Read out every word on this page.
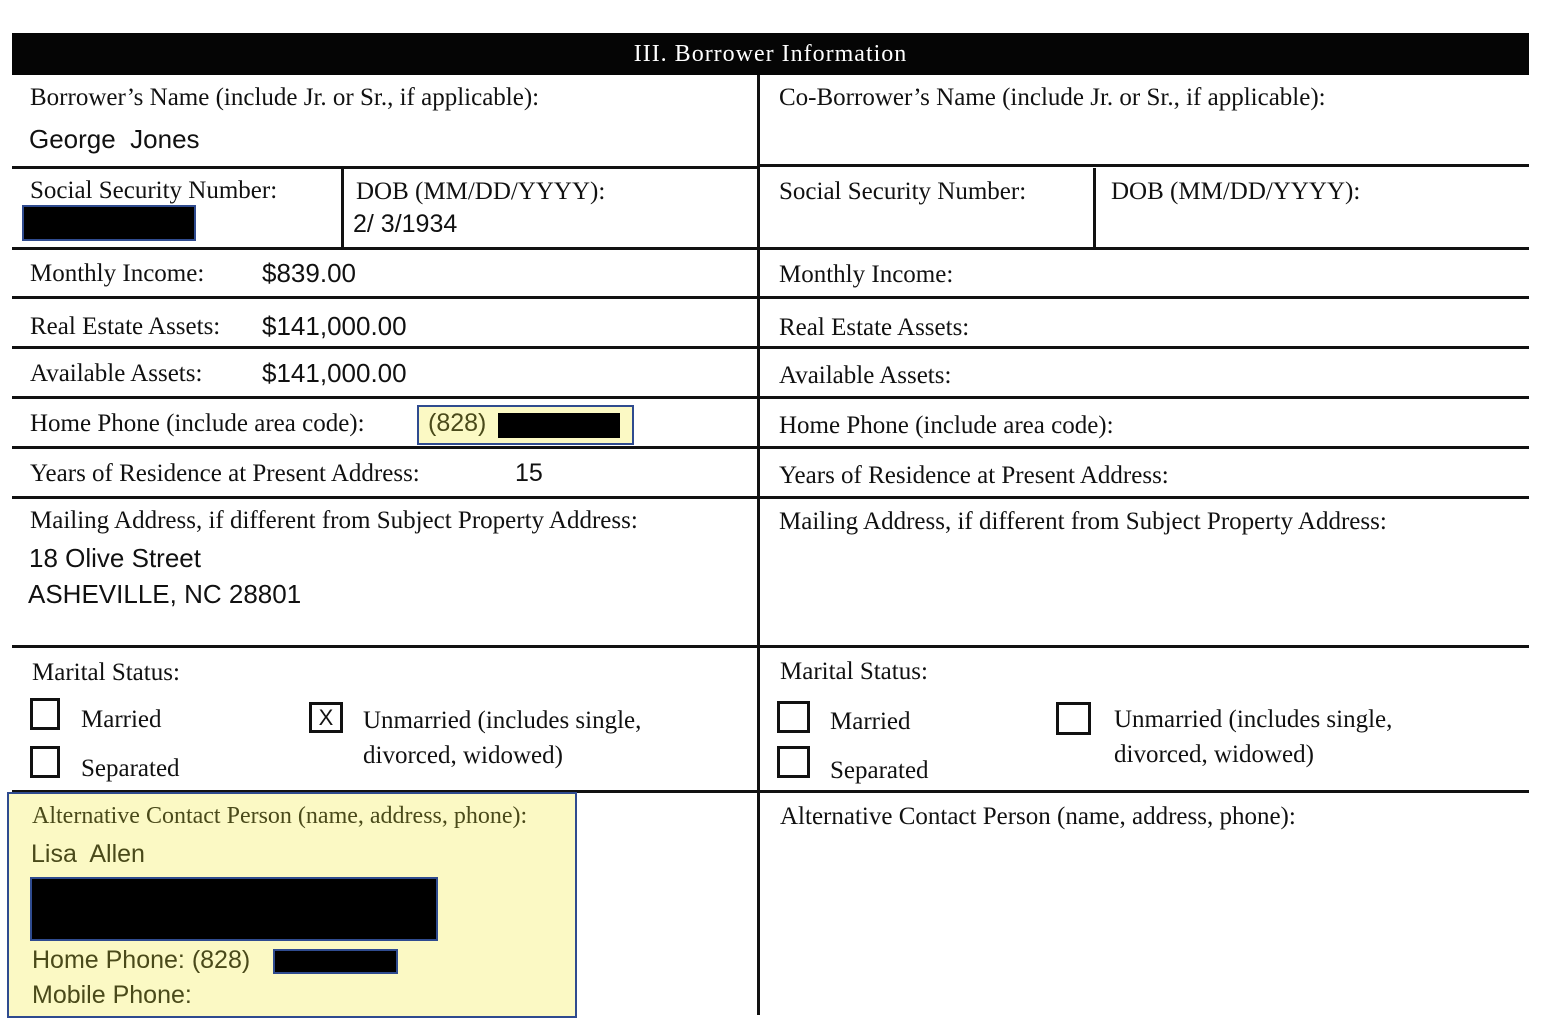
III. Borrower Information
Borrower’s Name (include Jr. or Sr., if applicable):
George  Jones
Social Security Number:	DOB (MM/DD/YYYY):
2/ 3/1934
Monthly Income: $839.00
Real Estate Assets: $141,000.00
Available Assets: $141,000.00
Home Phone (include area code):	(828)
Years of Residence at Present Address:	15
Mailing Address, if different from Subject Property Address:
18 Olive Street
ASHEVILLE, NC 28801
Marital Status:
Married
Separated
X	Unmarried (includes single,
divorced, widowed)
Alternative Contact Person (name, address, phone):
Lisa  Allen
Home Phone: (828)
Mobile Phone:
Co-Borrower’s Name (include Jr. or Sr., if applicable):
Social Security Number:	DOB (MM/DD/YYYY):
Monthly Income:
Real Estate Assets:
Available Assets:
Home Phone (include area code):
Years of Residence at Present Address:
Mailing Address, if different from Subject Property Address:
Marital Status:
Married
Separated
Unmarried (includes single,
divorced, widowed)
Alternative Contact Person (name, address, phone):
